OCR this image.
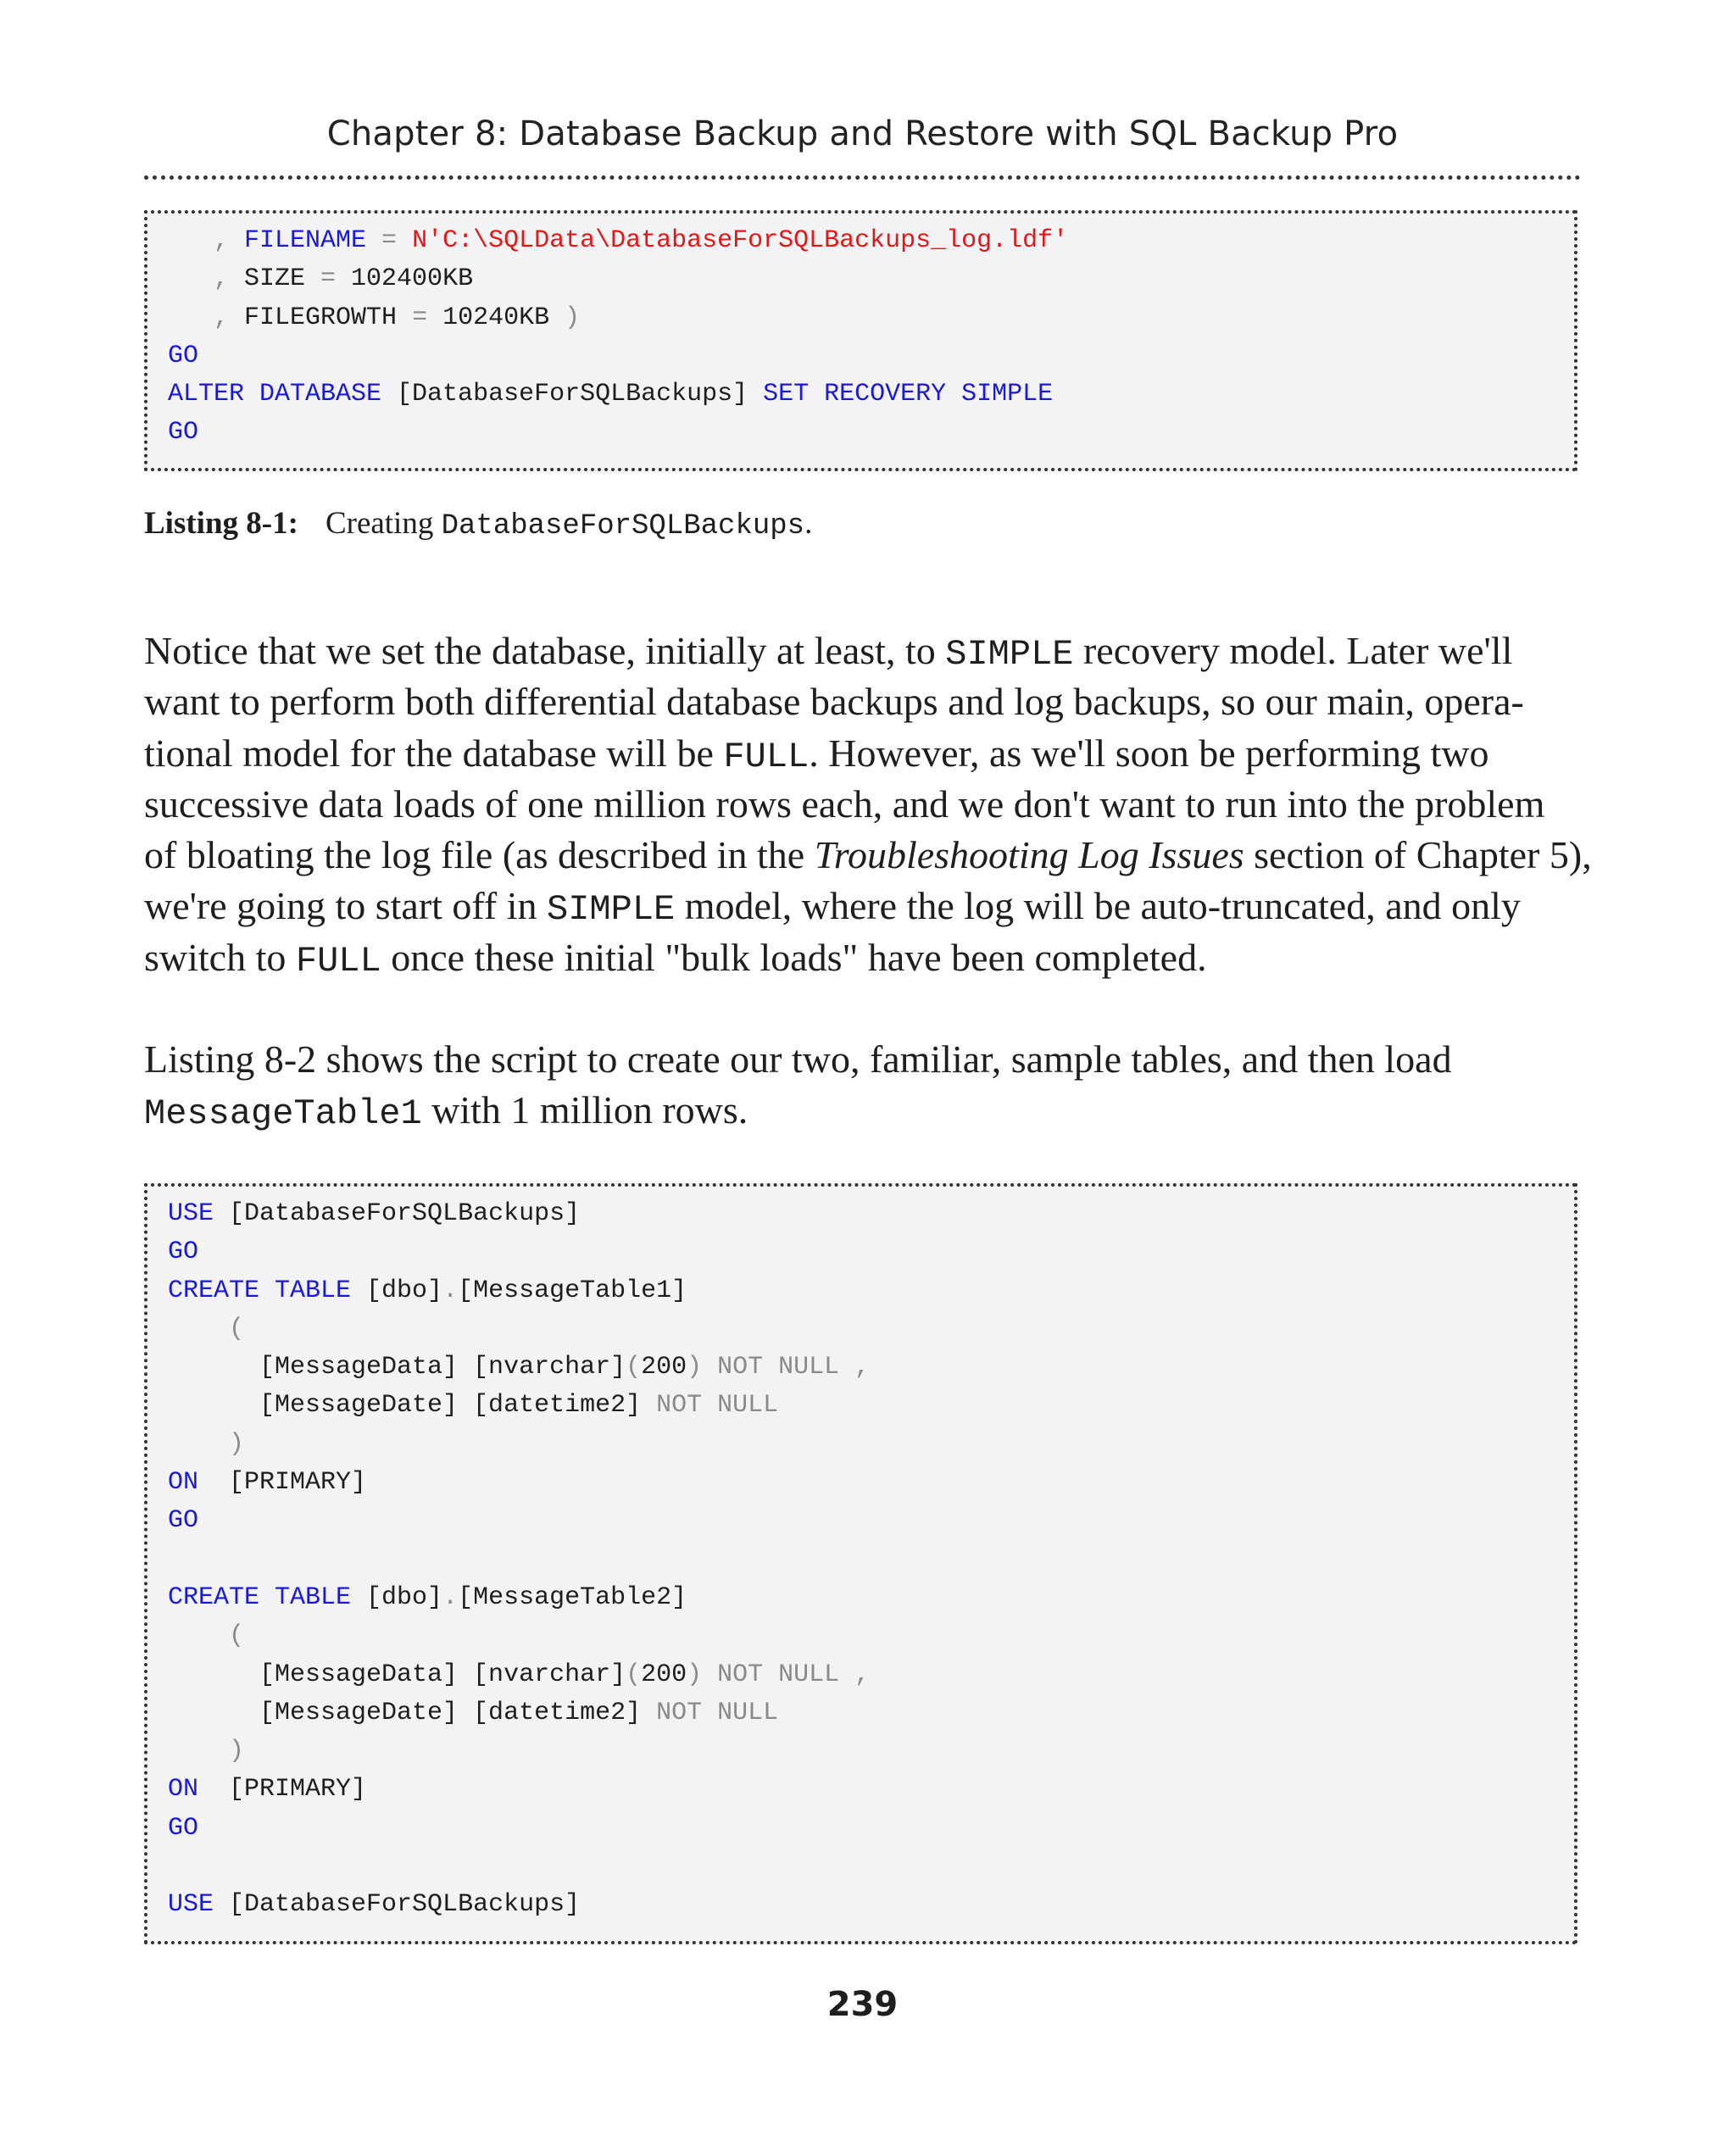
Chapter 8: Database Backup and Restore with SQL Backup Pro
, FILENAME = N'C:\SQLData\DatabaseForSQLBackups_log.ldf'
, SIZE = 102400KB
, FILEGROWTH = 10240KB )
GO
ALTER DATABASE [DatabaseForSQLBackups] SET RECOVERY SIMPLE
GO
Listing 8-1: Creating DatabaseForSQLBackups.
Notice that we set the database, initially at least, to SIMPLE recovery model. Later we'll
want to perform both differential database backups and log backups, so our main, opera-
tional model for the database will be FULL. However, as we'll soon be performing two
successive data loads of one million rows each, and we don't want to run into the problem
of bloating the log file (as described in the Troubleshooting Log Issues section of Chapter 5),
we're going to start off in SIMPLE model, where the log will be auto-truncated, and only
switch to FULL once these initial "bulk loads" have been completed.
Listing 8-2 shows the script to create our two, familiar, sample tables, and then load
MessageTable1 with 1 million rows.
USE [DatabaseForSQLBackups]
GO
CREATE TABLE [dbo].[MessageTable1]
(
[MessageData] [nvarchar](200) NOT NULL ,
[MessageDate] [datetime2] NOT NULL
)
ON  [PRIMARY]
GO
CREATE TABLE [dbo].[MessageTable2]
(
[MessageData] [nvarchar](200) NOT NULL ,
[MessageDate] [datetime2] NOT NULL
)
ON  [PRIMARY]
GO
USE [DatabaseForSQLBackups]
239
